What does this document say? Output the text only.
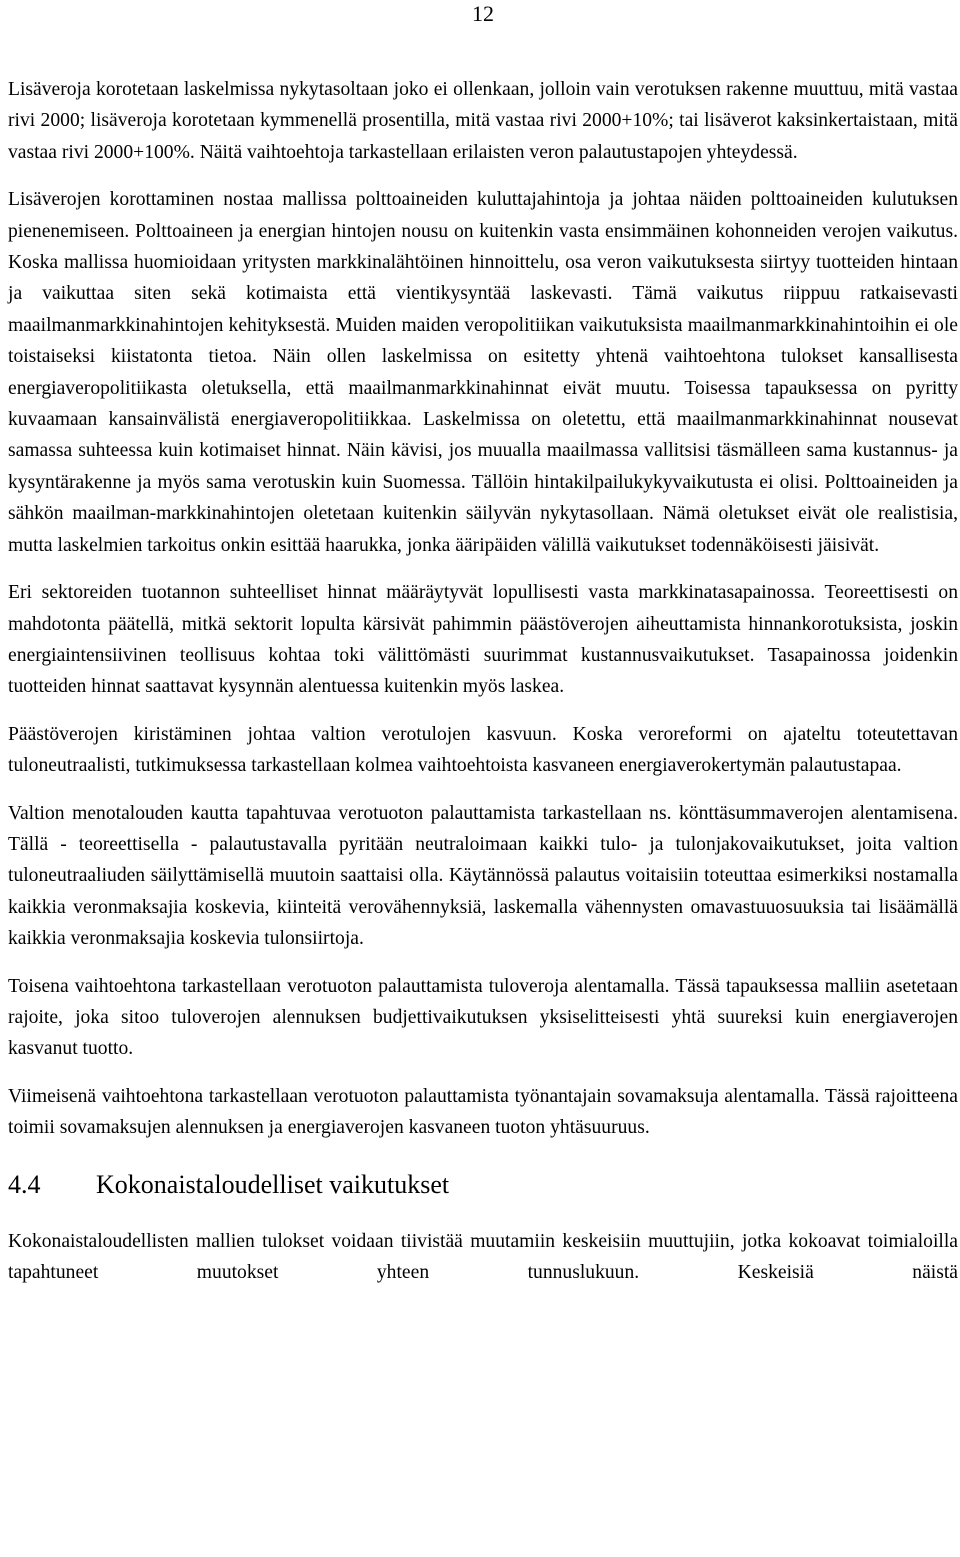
12

Lisäveroja korotetaan laskelmissa nykytasoltaan joko ei ollenkaan, jolloin vain verotuksen rakenne muuttuu, mitä vastaa rivi 2000; lisäveroja korotetaan kymmenellä prosentilla, mitä vastaa rivi 2000+10%; tai lisäverot kaksinkertaistaan, mitä vastaa rivi 2000+100%. Näitä vaihtoehtoja tarkastellaan erilaisten veron palautustapojen yhteydessä.

Lisäverojen korottaminen nostaa mallissa polttoaineiden kuluttajahintoja ja johtaa näiden polttoaineiden kulutuksen pienenemiseen. Polttoaineen ja energian hintojen nousu on kuitenkin vasta ensimmäinen kohonneiden verojen vaikutus. Koska mallissa huomioidaan yritysten markkinalähtöinen hinnoittelu, osa veron vaikutuksesta siirtyy tuotteiden hintaan ja vaikuttaa siten sekä kotimaista että vientikysyntää laskevasti. Tämä vaikutus riippuu ratkaisevasti maailmanmarkkinahintojen kehityksestä. Muiden maiden veropolitiikan vaikutuksista maailmanmarkkinahintoihin ei ole toistaiseksi kiistatonta tietoa. Näin ollen laskelmissa on esitetty yhtenä vaihtoehtona tulokset kansallisesta energiaveropolitiikasta oletuksella, että maailmanmarkkinahinnat eivät muutu. Toisessa tapauksessa on pyritty kuvaamaan kansainvälistä energiaveropolitiikkaa. Laskelmissa on oletettu, että maailmanmarkkinahinnat nousevat samassa suhteessa kuin kotimaiset hinnat. Näin kävisi, jos muualla maailmassa vallitsisi täsmälleen sama kustannus- ja kysyntärakenne ja myös sama verotuskin kuin Suomessa. Tällöin hintakilpailukykyvaikutusta ei olisi. Polttoaineiden ja sähkön maailman-markkinahintojen oletetaan kuitenkin säilyvän nykytasollaan. Nämä oletukset eivät ole realistisia, mutta laskelmien tarkoitus onkin esittää haarukka, jonka ääripäiden välillä vaikutukset todennäköisesti jäisivät.

Eri sektoreiden tuotannon suhteelliset hinnat määräytyvät lopullisesti vasta markkinatasapainossa. Teoreettisesti on mahdotonta päätellä, mitkä sektorit lopulta kärsivät pahimmin päästöverojen aiheuttamista hinnankorotuksista, joskin energiaintensiivinen teollisuus kohtaa toki välittömästi suurimmat kustannusvaikutukset. Tasapainossa joidenkin tuotteiden hinnat saattavat kysynnän alentuessa kuitenkin myös laskea.

Päästöverojen kiristäminen johtaa valtion verotulojen kasvuun. Koska veroreformi on ajateltu toteutettavan tuloneutraalisti, tutkimuksessa tarkastellaan kolmea vaihtoehtoista kasvaneen energiaverokertymän palautustapaa.

Valtion menotalouden kautta tapahtuvaa verotuoton palauttamista tarkastellaan ns. könttäsummaverojen alentamisena. Tällä - teoreettisella - palautustavalla pyritään neutraloimaan kaikki tulo- ja tulonjakovaikutukset, joita valtion tuloneutraaliuden säilyttämisellä muutoin saattaisi olla. Käytännössä palautus voitaisiin toteuttaa esimerkiksi nostamalla kaikkia veronmaksajia koskevia, kiinteitä verovähennyksiä, laskemalla vähennysten omavastuuosuuksia tai lisäämällä kaikkia veronmaksajia koskevia tulonsiirtoja.

Toisena vaihtoehtona tarkastellaan verotuoton palauttamista tuloveroja alentamalla. Tässä tapauksessa malliin asetetaan rajoite, joka sitoo tuloverojen alennuksen budjettivaikutuksen yksiselitteisesti yhtä suureksi kuin energiaverojen kasvanut tuotto.

Viimeisenä vaihtoehtona tarkastellaan verotuoton palauttamista työnantajain sovamaksuja alentamalla. Tässä rajoitteena toimii sovamaksujen alennuksen ja energiaverojen kasvaneen tuoton yhtäsuuruus.

4.4 Kokonaistaloudelliset vaikutukset

Kokonaistaloudellisten mallien tulokset voidaan tiivistää muutamiin keskeisiin muuttujiin, jotka kokoavat toimialoilla tapahtuneet muutokset yhteen tunnuslukuun. Keskeisiä näistä
